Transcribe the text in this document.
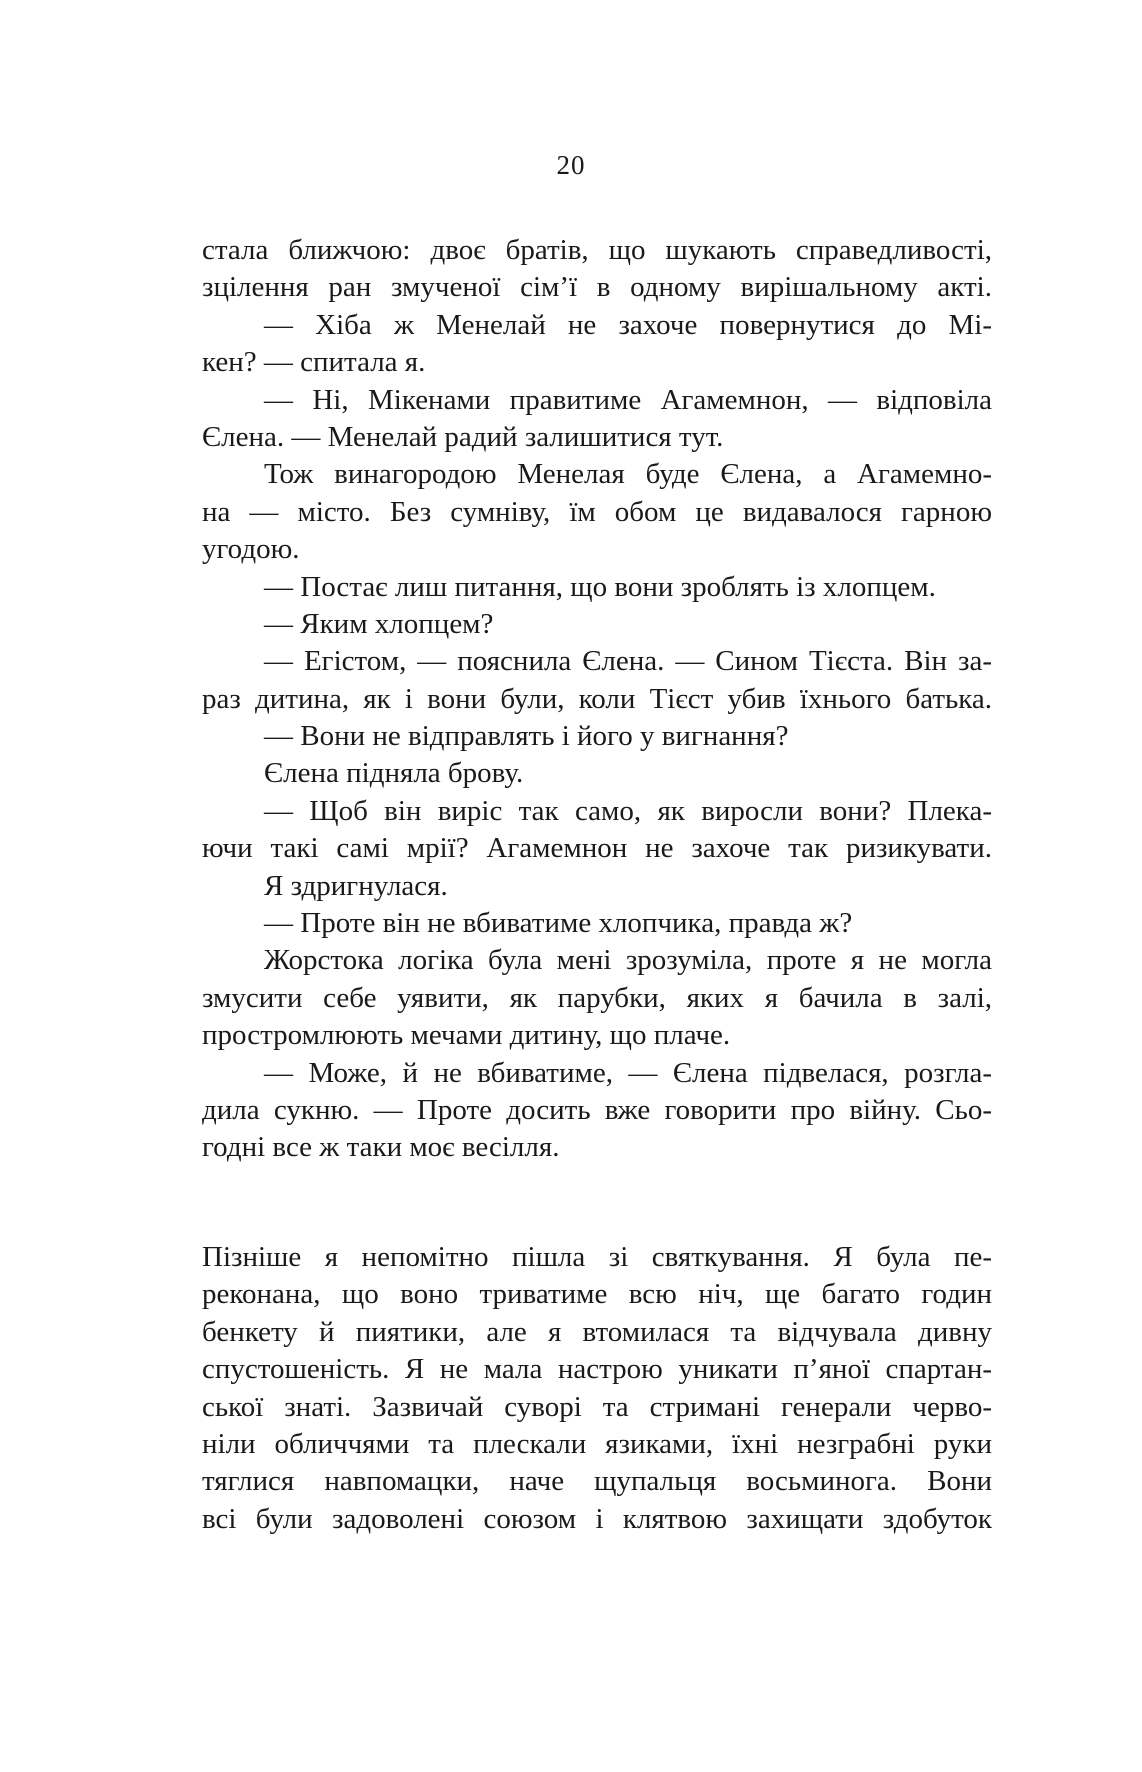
20
стала ближчою: двоє братів, що шукають справедливості,
зцілення ран змученої сім’ї в одному вирішальному акті.
— Хіба ж Менелай не захоче повернутися до Мі-
кен? — спитала я.
— Ні, Мікенами правитиме Агамемнон, — відповіла
Єлена. — Менелай радий залишитися тут.
Тож винагородою Менелая буде Єлена, а Агамемно-
на — місто. Без сумніву, їм обом це видавалося гарною
угодою.
— Постає лиш питання, що вони зроблять із хлопцем.
— Яким хлопцем?
— Егістом, — пояснила Єлена. — Сином Тієста. Він за-
раз дитина, як і вони були, коли Тієст убив їхнього батька.
— Вони не відправлять і його у вигнання?
Єлена підняла брову.
— Щоб він виріс так само, як виросли вони? Плека-
ючи такі самі мрії? Агамемнон не захоче так ризикувати.
Я здригнулася.
— Проте він не вбиватиме хлопчика, правда ж?
Жорстока логіка була мені зрозуміла, проте я не могла
змусити себе уявити, як парубки, яких я бачила в залі,
простромлюють мечами дитину, що плаче.
— Може, й не вбиватиме, — Єлена підвелася, розгла-
дила сукню. — Проте досить вже говорити про війну. Сьо-
годні все ж таки моє весілля.
Пізніше я непомітно пішла зі святкування. Я була пе-
реконана, що воно триватиме всю ніч, ще багато годин
бенкету й пиятики, але я втомилася та відчувала дивну
спустошеність. Я не мала настрою уникати п’яної спартан-
ської знаті. Зазвичай суворі та стримані генерали черво-
ніли обличчями та плескали язиками, їхні незграбні руки
тяглися навпомацки, наче щупальця восьминога. Вони
всі були задоволені союзом і клятвою захищати здобуток
